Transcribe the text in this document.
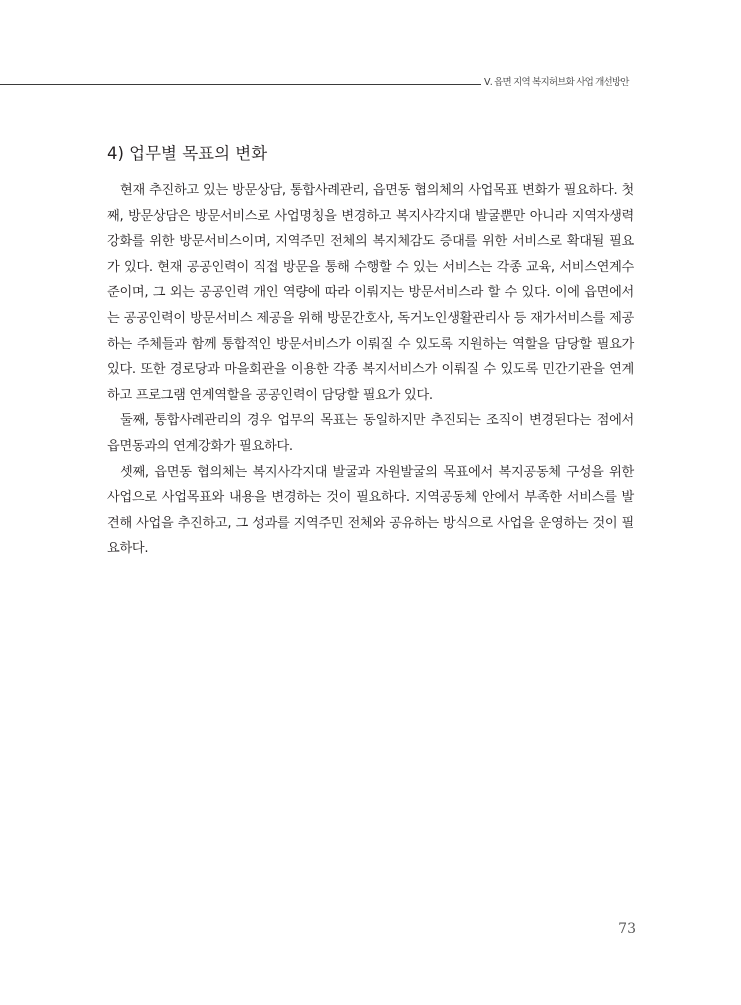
Ⅴ. 읍면 지역 복지허브화 사업 개선방안
4) 업무별 목표의 변화

현재 추진하고 있는 방문상담, 통합사례관리, 읍면동 협의체의 사업목표 변화가 필요하다. 첫째, 방문상담은 방문서비스로 사업명칭을 변경하고 복지사각지대 발굴뿐만 아니라 지역자생력 강화를 위한 방문서비스이며, 지역주민 전체의 복지체감도 증대를 위한 서비스로 확대될 필요가 있다. 현재 공공인력이 직접 방문을 통해 수행할 수 있는 서비스는 각종 교육, 서비스연계수준이며, 그 외는 공공인력 개인 역량에 따라 이뤄지는 방문서비스라 할 수 있다. 이에 읍면에서는 공공인력이 방문서비스 제공을 위해 방문간호사, 독거노인생활관리사 등 재가서비스를 제공하는 주체들과 함께 통합적인 방문서비스가 이뤄질 수 있도록 지원하는 역할을 담당할 필요가 있다. 또한 경로당과 마을회관을 이용한 각종 복지서비스가 이뤄질 수 있도록 민간기관을 연계하고 프로그램 연계역할을 공공인력이 담당할 필요가 있다.

둘째, 통합사례관리의 경우 업무의 목표는 동일하지만 추진되는 조직이 변경된다는 점에서 읍면동과의 연계강화가 필요하다.

셋째, 읍면동 협의체는 복지사각지대 발굴과 자원발굴의 목표에서 복지공동체 구성을 위한 사업으로 사업목표와 내용을 변경하는 것이 필요하다. 지역공동체 안에서 부족한 서비스를 발견해 사업을 추진하고, 그 성과를 지역주민 전체와 공유하는 방식으로 사업을 운영하는 것이 필요하다.

73
